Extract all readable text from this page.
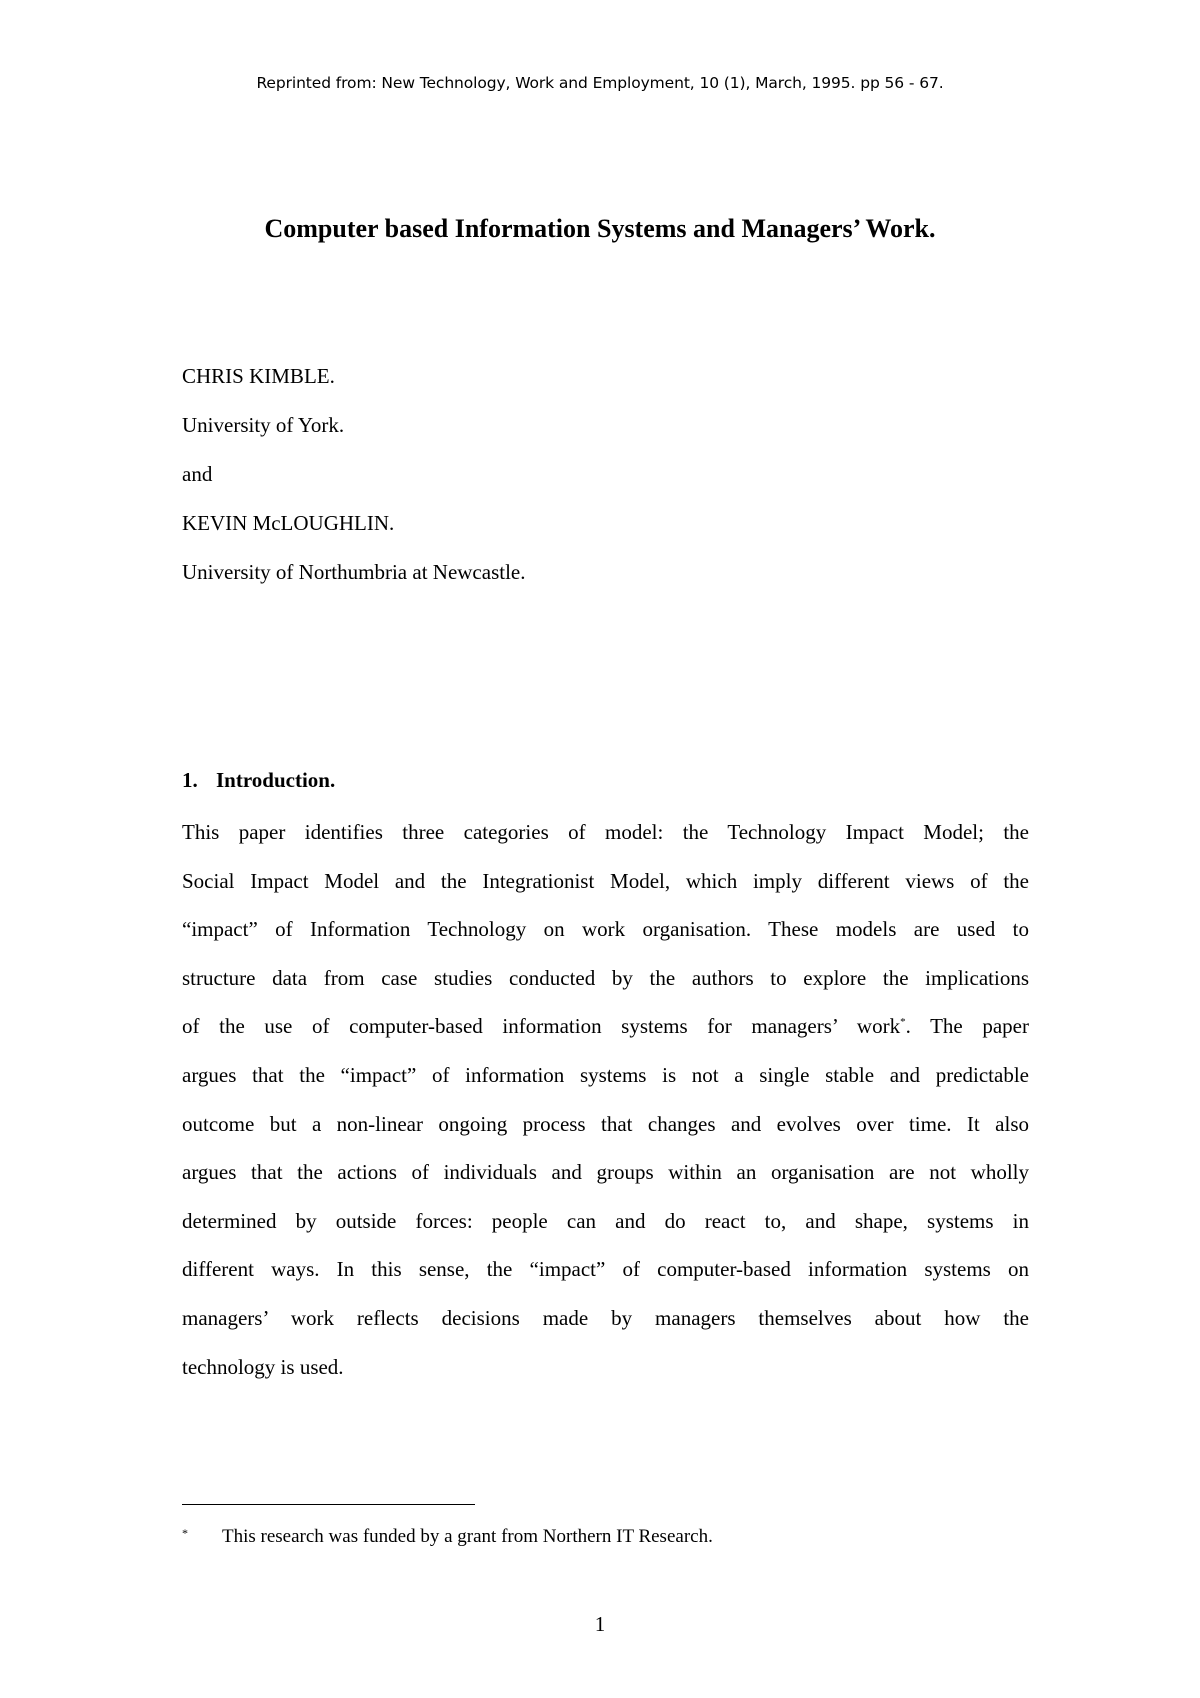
Reprinted from: New Technology, Work and Employment, 10 (1), March, 1995. pp 56 - 67.
Computer based Information Systems and Managers’ Work.
CHRIS KIMBLE.
University of York.
and
KEVIN McLOUGHLIN.
University of Northumbria at Newcastle.
1. Introduction.
This paper identifies three categories of model: the Technology Impact Model; the
Social Impact Model and the Integrationist Model, which imply different views of the
“impact” of Information Technology on work organisation. These models are used to
structure data from case studies conducted by the authors to explore the implications
of the use of computer-based information systems for managers’ work*. The paper
argues that the “impact” of information systems is not a single stable and predictable
outcome but a non-linear ongoing process that changes and evolves over time. It also
argues that the actions of individuals and groups within an organisation are not wholly
determined by outside forces: people can and do react to, and shape, systems in
different ways. In this sense, the “impact” of computer-based information systems on
managers’ work reflects decisions made by managers themselves about how the
technology is used.
* This research was funded by a grant from Northern IT Research.
1
